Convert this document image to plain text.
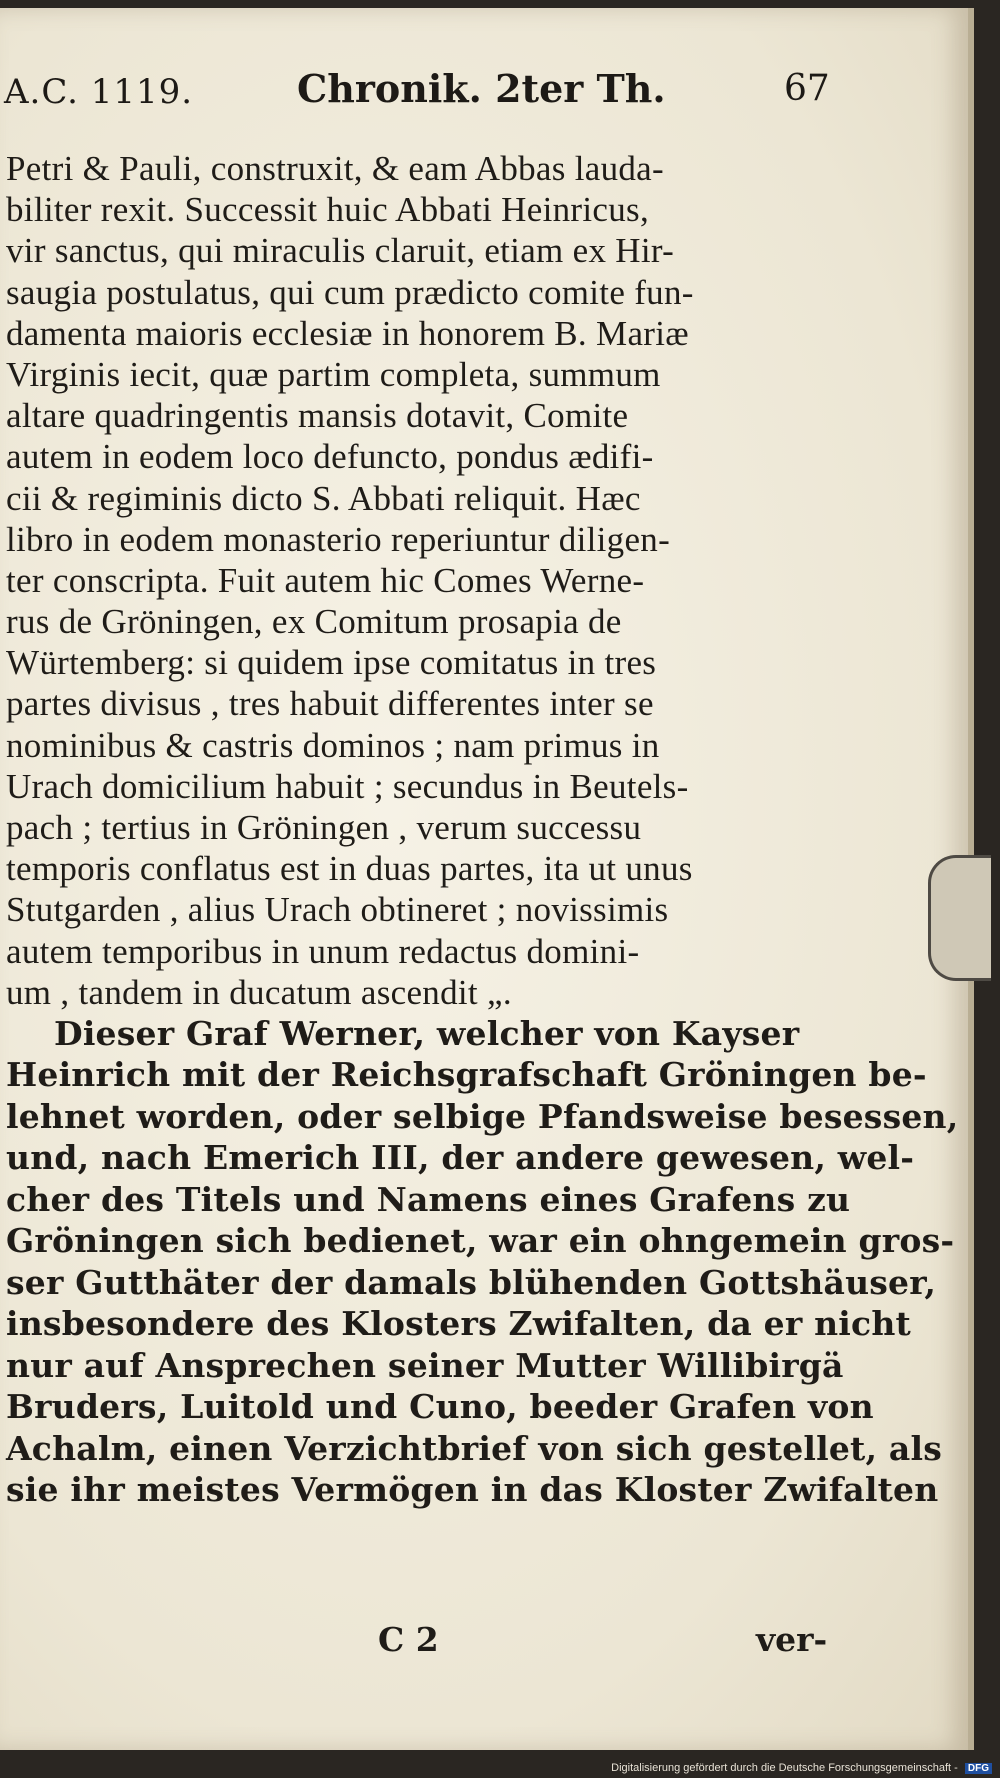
A.C. 1119.	Chronik. 2ter Th.	67
Petri & Pauli, construxit, & eam Abbas lauda-
biliter rexit. Successit huic Abbati Heinricus,
vir sanctus, qui miraculis claruit, etiam ex Hir-
saugia postulatus, qui cum prædicto comite fun-
damenta maioris ecclesiæ in honorem B. Mariæ
Virginis iecit, quæ partim completa, summum
altare quadringentis mansis dotavit, Comite
autem in eodem loco defuncto, pondus ædifi-
cii & regiminis dicto S. Abbati reliquit. Hæc
libro in eodem monasterio reperiuntur diligen-
ter conscripta. Fuit autem hic Comes Werne-
rus de Gröningen, ex Comitum prosapia de
Würtemberg: si quidem ipse comitatus in tres
partes divisus , tres habuit differentes inter se
nominibus & castris dominos ; nam primus in
Urach domicilium habuit ; secundus in Beutels-
pach ; tertius in Gröningen , verum successu
temporis conflatus est in duas partes, ita ut unus
Stutgarden , alius Urach obtineret ; novissimis
autem temporibus in unum redactus domini-
um , tandem in ducatum ascendit „.
Dieser Graf Werner, welcher von Kayser
Heinrich mit der Reichsgrafschaft Gröningen be-
lehnet worden, oder selbige Pfandsweise besessen,
und, nach Emerich III, der andere gewesen, wel-
cher des Titels und Namens eines Grafens zu
Gröningen sich bedienet, war ein ohngemein gros-
ser Gutthäter der damals blühenden Gottshäuser,
insbesondere des Klosters Zwifalten, da er nicht
nur auf Ansprechen seiner Mutter Willibirgä
Bruders, Luitold und Cuno, beeder Grafen von
Achalm, einen Verzichtbrief von sich gestellet, als
sie ihr meistes Vermögen in das Kloster Zwifalten
C 2	ver-
Digitalisierung gefördert durch die Deutsche Forschungsgemeinschaft - DFG
